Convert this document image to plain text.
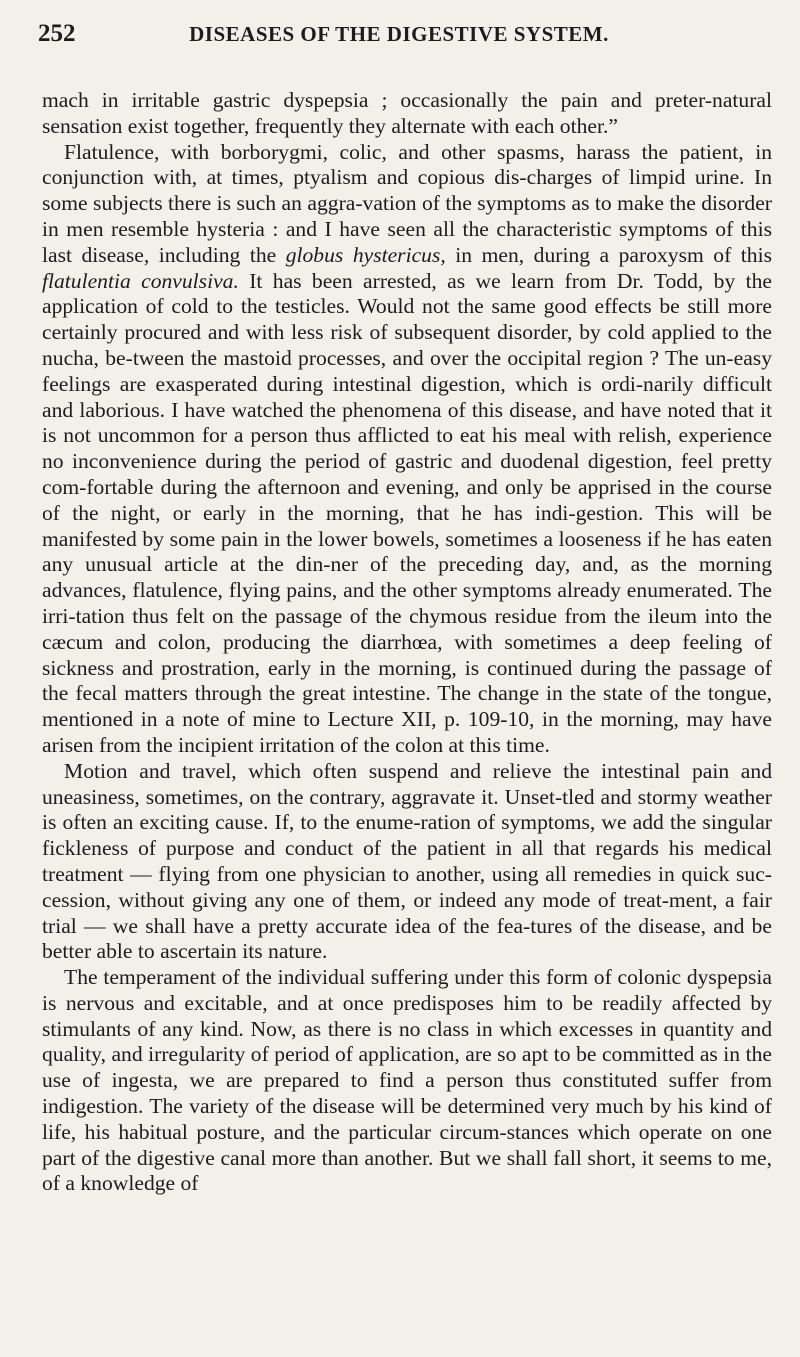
252	DISEASES OF THE DIGESTIVE SYSTEM.

mach in irritable gastric dyspepsia ; occasionally the pain and preter-natural sensation exist together, frequently they alternate with each other.”

Flatulence, with borborygmi, colic, and other spasms, harass the patient, in conjunction with, at times, ptyalism and copious dis-charges of limpid urine. In some subjects there is such an aggra-vation of the symptoms as to make the disorder in men resemble hysteria : and I have seen all the characteristic symptoms of this last disease, including the globus hystericus, in men, during a paroxysm of this flatulentia convulsiva. It has been arrested, as we learn from Dr. Todd, by the application of cold to the testicles. Would not the same good effects be still more certainly procured and with less risk of subsequent disorder, by cold applied to the nucha, be-tween the mastoid processes, and over the occipital region ? The un-easy feelings are exasperated during intestinal digestion, which is ordi-narily difficult and laborious. I have watched the phenomena of this disease, and have noted that it is not uncommon for a person thus afflicted to eat his meal with relish, experience no inconvenience during the period of gastric and duodenal digestion, feel pretty com-fortable during the afternoon and evening, and only be apprised in the course of the night, or early in the morning, that he has indi-gestion. This will be manifested by some pain in the lower bowels, sometimes a looseness if he has eaten any unusual article at the din-ner of the preceding day, and, as the morning advances, flatulence, flying pains, and the other symptoms already enumerated. The irri-tation thus felt on the passage of the chymous residue from the ileum into the cæcum and colon, producing the diarrhœa, with sometimes a deep feeling of sickness and prostration, early in the morning, is continued during the passage of the fecal matters through the great intestine. The change in the state of the tongue, mentioned in a note of mine to Lecture XII, p. 109-10, in the morning, may have arisen from the incipient irritation of the colon at this time.

Motion and travel, which often suspend and relieve the intestinal pain and uneasiness, sometimes, on the contrary, aggravate it. Unset-tled and stormy weather is often an exciting cause. If, to the enume-ration of symptoms, we add the singular fickleness of purpose and conduct of the patient in all that regards his medical treatment — flying from one physician to another, using all remedies in quick suc-cession, without giving any one of them, or indeed any mode of treat-ment, a fair trial — we shall have a pretty accurate idea of the fea-tures of the disease, and be better able to ascertain its nature.

The temperament of the individual suffering under this form of colonic dyspepsia is nervous and excitable, and at once predisposes him to be readily affected by stimulants of any kind. Now, as there is no class in which excesses in quantity and quality, and irregularity of period of application, are so apt to be committed as in the use of ingesta, we are prepared to find a person thus constituted suffer from indigestion. The variety of the disease will be determined very much by his kind of life, his habitual posture, and the particular circum-stances which operate on one part of the digestive canal more than another. But we shall fall short, it seems to me, of a knowledge of
